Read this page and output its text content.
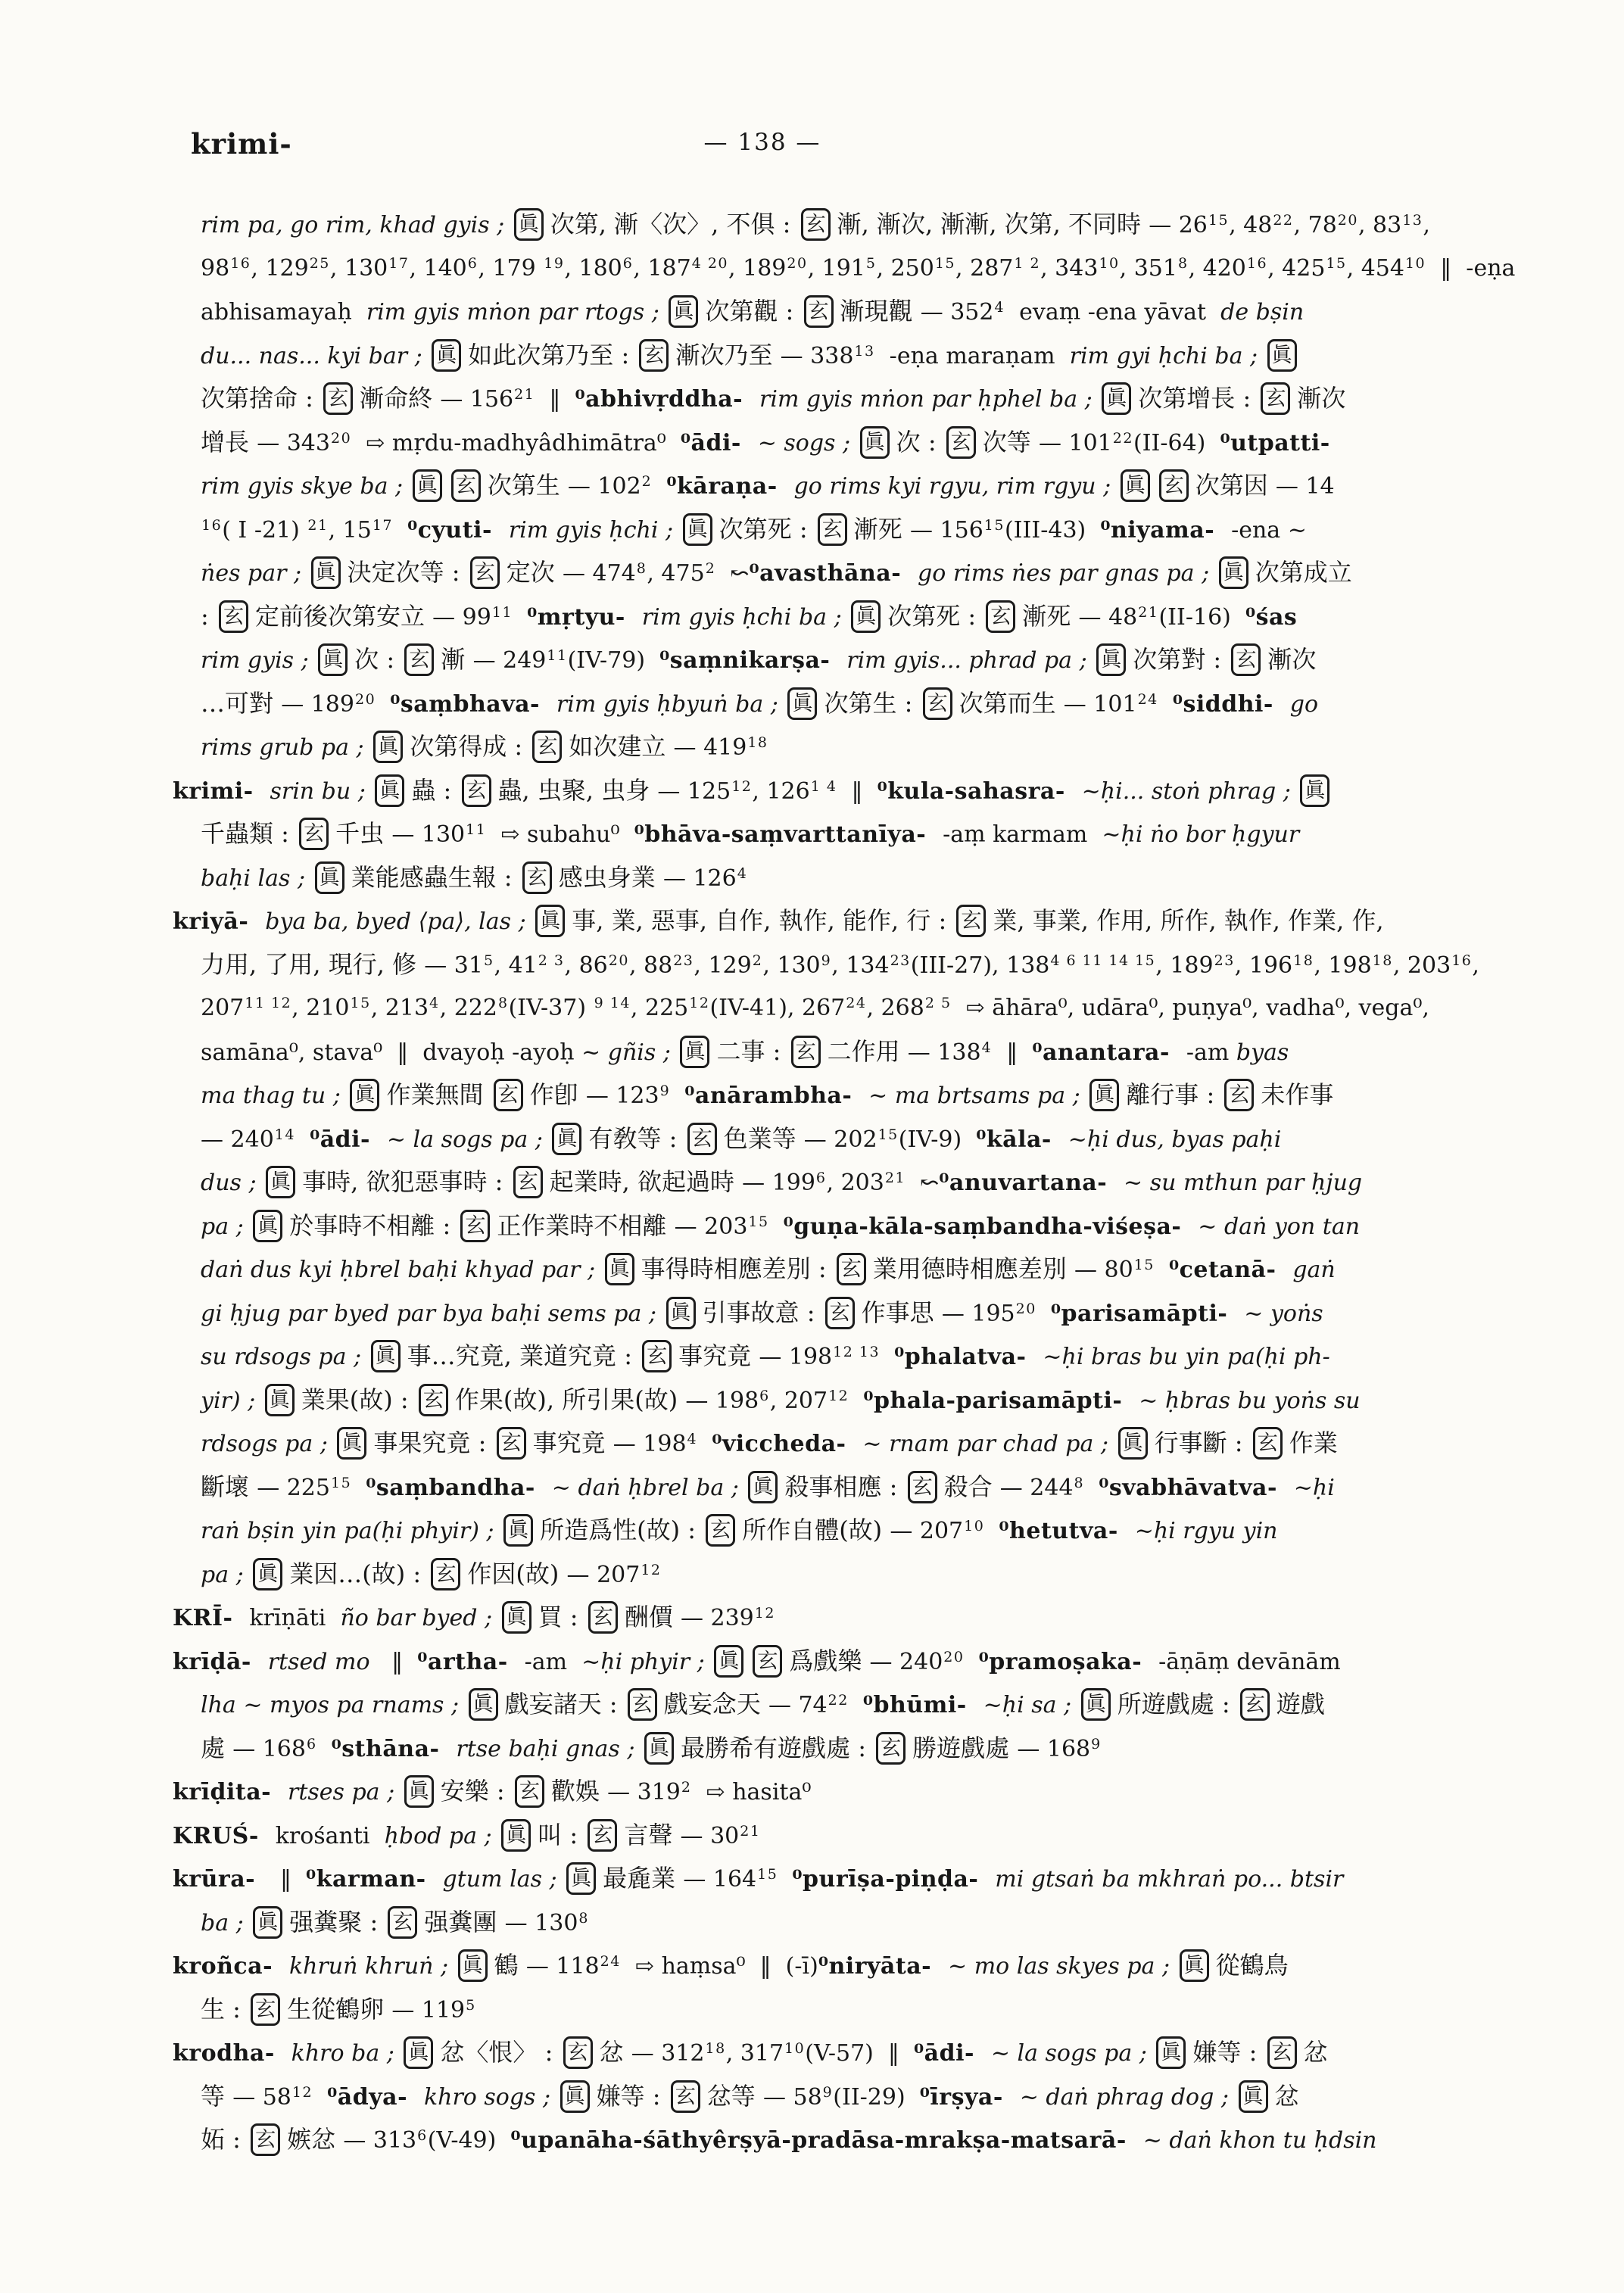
krimi-	— 138 —
rim pa, go rim, khad gyis ; 眞 次第, 漸〈次〉, 不俱 : 玄 漸, 漸次, 漸漸, 次第, 不同時 — $26^{15}$, $48^{22}$, $78^{20}$, $83^{13}$,
$98^{16}$, $129^{25}$, $130^{17}$, $140^6$, 179 $^{19}$, $180^6$, $187^{4 20}$, $189^{20}$, $191^5$, $250^{15}$, $287^{1 2}$, $343^{10}$, $351^8$, $420^{16}$, $425^{15}$, $454^{10}$  ‖  -eṇa
abhisamayaḥ  rim gyis mṅon par rtogs ; 眞 次第觀 : 玄 漸現觀 — $352^4$  evaṃ -ena yāvat  de bṣin
du... nas... kyi bar ; 眞 如此次第乃至 : 玄 漸次乃至 — $338^{13}$  -eṇa maraṇam  rim gyi ḥchi ba ; 眞
次第捨命 : 玄 漸命終 — $156^{21}$  ‖  ⁰abhivṛddha-  rim gyis mṅon par ḥphel ba ; 眞 次第增長 : 玄 漸次
增長 — $343^{20}$  ⇨ mṛdu-madhyâdhimātra⁰  ⁰ādi-  ~ sogs ; 眞 次 : 玄 次等 — $101^{22}(II-64)$  ⁰utpatti-
rim gyis skye ba ; 眞 玄 次第生 — $102^2$ ⁰kāraṇa-  go rims kyi rgyu, rim rgyu ; 眞 玄 次第因 — 14
$^{16}$( I -21) $^{21}$, $15^{17}$ ⁰cyuti-  rim gyis ḥchi ; 眞 次第死 : 玄 漸死 — $156^{15}(III-43)$  ⁰niyama-  -ena ~
ṅes par ; 眞 決定次等 : 玄 定次 — $474^8$, $475^2$  ↜⁰avasthāna-  go rims ṅes par gnas pa ; 眞 次第成立
: 玄 定前後次第安立 — $99^{11}$ ⁰mṛtyu-  rim gyis ḥchi ba ; 眞 次第死 : 玄 漸死 — $48^{21}(II-16)$  ⁰śas
rim gyis ; 眞 次 : 玄 漸 — $249^{11}(IV-79)$  ⁰saṃnikarṣa-  rim gyis... phrad pa ; 眞 次第對 : 玄 漸次
…可對 — $189^{20}$ ⁰saṃbhava-  rim gyis ḥbyuṅ ba ; 眞 次第生 : 玄 次第而生 — $101^{24}$ ⁰siddhi-  go
rims grub pa ; 眞 次第得成 : 玄 如次建立 — $419^{18}$
krimi-  srin bu ; 眞 蟲 : 玄 蟲, 虫聚, 虫身 — $125^{12}$, $126^{1 4}$  ‖  ⁰kula-sahasra-  ~ḥi... stoṅ phrag ; 眞
千蟲類 : 玄 千虫 — $130^{11}$  ⇨ subahu⁰  ⁰bhāva-saṃvarttanīya-  -aṃ karmam  ~ḥi ṅo bor ḥgyur
baḥi las ; 眞 業能感蟲生報 : 玄 感虫身業 — $126^4$
kriyā-  bya ba, byed ⟨pa⟩, las ; 眞 事, 業, 惡事, 自作, 執作, 能作, 行 : 玄 業, 事業, 作用, 所作, 執作, 作業, 作,
力用, 了用, 現行, 修 — $31^5$, $41^{2 3}$, $86^{20}$, $88^{23}$, $129^2$, $130^9$, $134^{23}(III-27)$, $138^{4 6 11 14 15}$, $189^{23}$, $196^{18}$, $198^{18}$, $203^{16}$,
$207^{11 12}$, $210^{15}$, $213^4$, $222^8(IV-37)$ $^{9 14}$, $225^{12}(IV-41)$, $267^{24}$, $268^{2 5}$  ⇨ āhāra⁰, udāra⁰, puṇya⁰, vadha⁰, vega⁰,
samāna⁰, stava⁰  ‖  dvayoḥ -ayoḥ ~ gñis ; 眞 二事 : 玄 二作用 — $138^4$  ‖  ⁰anantara-  -am byas
ma thag tu ; 眞 作業無間 玄 作卽 — $123^9$ ⁰anārambha-  ~ ma brtsams pa ; 眞 離行事 : 玄 未作事
— $240^{14}$ ⁰ādi-  ~ la sogs pa ; 眞 有敎等 : 玄 色業等 — $202^{15}(IV-9)$  ⁰kāla-  ~ḥi dus, byas paḥi
dus ; 眞 事時, 欲犯惡事時 : 玄 起業時, 欲起過時 — $199^6$, $203^{21}$  ↜⁰anuvartana-  ~ su mthun par ḥjug
pa ; 眞 於事時不相離 : 玄 正作業時不相離 — $203^{15}$ ⁰guṇa-kāla-saṃbandha-viśeṣa-  ~ daṅ yon tan
daṅ dus kyi ḥbrel baḥi khyad par ; 眞 事得時相應差別 : 玄 業用德時相應差別 — $80^{15}$ ⁰cetanā-  gaṅ
gi ḥjug par byed par bya baḥi sems pa ; 眞 引事故意 : 玄 作事思 — $195^{20}$ ⁰parisamāpti-  ~ yoṅs
su rdsogs pa ; 眞 事…究竟, 業道究竟 : 玄 事究竟 — $198^{12 13}$ ⁰phalatva-  ~ḥi bras bu yin pa(ḥi ph-
yir) ; 眞 業果(故) : 玄 作果(故), 所引果(故) — $198^6$, $207^{12}$ ⁰phala-parisamāpti-  ~ ḥbras bu yoṅs su
rdsogs pa ; 眞 事果究竟 : 玄 事究竟 — $198^4$ ⁰viccheda-  ~ rnam par chad pa ; 眞 行事斷 : 玄 作業
斷壞 — $225^{15}$ ⁰saṃbandha-  ~ daṅ ḥbrel ba ; 眞 殺事相應 : 玄 殺合 — $244^8$ ⁰svabhāvatva-  ~ḥi
raṅ bṣin yin pa(ḥi phyir) ; 眞 所造爲性(故) : 玄 所作自體(故) — $207^{10}$ ⁰hetutva-  ~ḥi rgyu yin
pa ; 眞 業因…(故) : 玄 作因(故) — $207^{12}$
KRĪ-  krīṇāti  ño bar byed ; 眞 買 : 玄 酬價 — $239^{12}$
krīḍā-  rtsed mo   ‖  ⁰artha-  -am  ~ḥi phyir ; 眞 玄 爲戲樂 — $240^{20}$ ⁰pramoṣaka-  -āṇāṃ devānām
lha ~ myos pa rnams ; 眞 戲妄諸天 : 玄 戲妄念天 — $74^{22}$ ⁰bhūmi-  ~ḥi sa ; 眞 所遊戲處 : 玄 遊戲
處 — $168^6$ ⁰sthāna-  rtse baḥi gnas ; 眞 最勝希有遊戲處 : 玄 勝遊戲處 — $168^9$
krīḍita-  rtses pa ; 眞 安樂 : 玄 歡娛 — $319^2$  ⇨ hasita⁰
KRUŚ-  krośanti  ḥbod pa ; 眞 叫 : 玄 言聲 — $30^{21}$
krūra-   ‖  ⁰karman-  gtum las ; 眞 最麁業 — $164^{15}$ ⁰purīṣa-piṇḍa-  mi gtsaṅ ba mkhraṅ po... btsir
ba ; 眞 强糞聚 : 玄 强糞團 — $130^8$
kroñca-  khruṅ khruṅ ; 眞 鶴 — $118^{24}$  ⇨ haṃsa⁰  ‖  (-ī)⁰niryāta-  ~ mo las skyes pa ; 眞 從鶴鳥
生 : 玄 生從鶴卵 — $119^5$
krodha-  khro ba ; 眞 忿〈恨〉 : 玄 忿 — $312^{18}$, $317^{10}(V-57)$  ‖  ⁰ādi-  ~ la sogs pa ; 眞 嫌等 : 玄 忿
等 — $58^{12}$ ⁰ādya-  khro sogs ; 眞 嫌等 : 玄 忿等 — $58^9(II-29)$  ⁰īrṣya-  ~ daṅ phrag dog ; 眞 忿
妬 : 玄 嫉忿 — $313^6(V-49)$  ⁰upanāha-śāthyêrṣyā-pradāsa-mrakṣa-matsarā-  ~ daṅ khon tu ḥdsin
